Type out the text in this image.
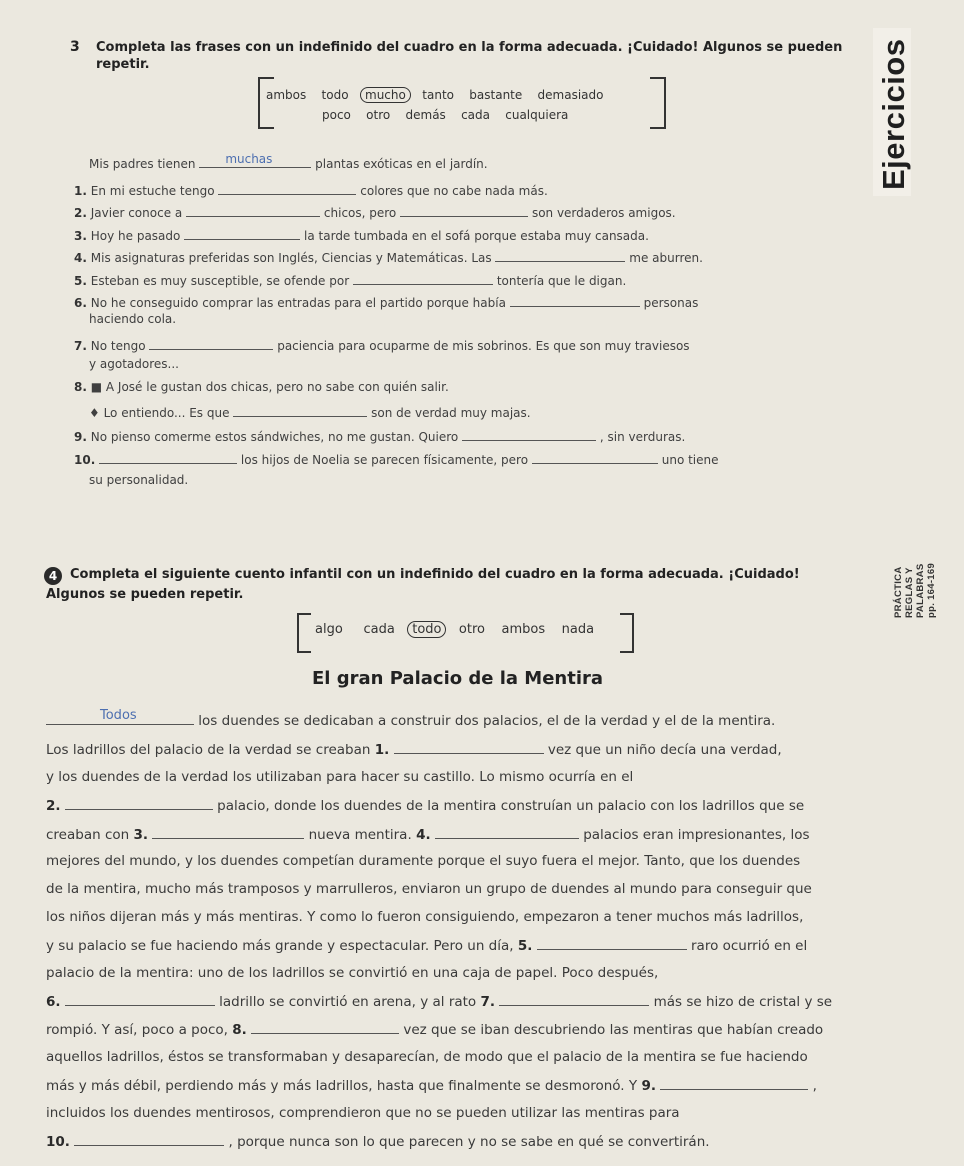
Ejercicios
PRÁCTICA REGLAS Y PALABRAS pp. 164-169
3 Completa las frases con un indefinido del cuadro en la forma adecuada. ¡Cuidado! Algunos se pueden repetir.
ambos todo mucho tanto bastante demasiado
poco otro demás cada cualquiera
Mis padres tienen muchas	plantas exóticas en el jardín.
1. En mi estuche tengo	colores que no cabe nada más.
2. Javier conoce a	chicos, pero	son verdaderos amigos.
3. Hoy he pasado	la tarde tumbada en el sofá porque estaba muy cansada.
4. Mis asignaturas preferidas son Inglés, Ciencias y Matemáticas. Las	me aburren.
5. Esteban es muy susceptible, se ofende por	tontería que le digan.
6. No he conseguido comprar las entradas para el partido porque había	personas
haciendo cola.
7. No tengo	paciencia para ocuparme de mis sobrinos. Es que son muy traviesos
y agotadores...
8. ■ A José le gustan dos chicas, pero no sabe con quién salir.
♦ Lo entiendo... Es que	son de verdad muy majas.
9. No pienso comerme estos sándwiches, no me gustan. Quiero	, sin verduras.
10.	los hijos de Noelia se parecen físicamente, pero	uno tiene
su personalidad.
4 Completa el siguiente cuento infantil con un indefinido del cuadro en la forma adecuada. ¡Cuidado!
Algunos se pueden repetir.
algo cada todo otro ambos nada
El gran Palacio de la Mentira
Todos	los duendes se dedicaban a construir dos palacios, el de la verdad y el de la mentira.
Los ladrillos del palacio de la verdad se creaban 1.	vez que un niño decía una verdad,
y los duendes de la verdad los utilizaban para hacer su castillo. Lo mismo ocurría en el
2.	palacio, donde los duendes de la mentira construían un palacio con los ladrillos que se
creaban con 3.	nueva mentira. 4.	palacios eran impresionantes, los
mejores del mundo, y los duendes competían duramente porque el suyo fuera el mejor. Tanto, que los duendes
de la mentira, mucho más tramposos y marrulleros, enviaron un grupo de duendes al mundo para conseguir que
los niños dijeran más y más mentiras. Y como lo fueron consiguiendo, empezaron a tener muchos más ladrillos,
y su palacio se fue haciendo más grande y espectacular. Pero un día, 5.	raro ocurrió en el
palacio de la mentira: uno de los ladrillos se convirtió en una caja de papel. Poco después,
6.	ladrillo se convirtió en arena, y al rato 7.	más se hizo de cristal y se
rompió. Y así, poco a poco, 8.	vez que se iban descubriendo las mentiras que habían creado
aquellos ladrillos, éstos se transformaban y desaparecían, de modo que el palacio de la mentira se fue haciendo
más y más débil, perdiendo más y más ladrillos, hasta que finalmente se desmoronó. Y 9.	,
incluidos los duendes mentirosos, comprendieron que no se pueden utilizar las mentiras para
10.	, porque nunca son lo que parecen y no se sabe en qué se convertirán.
